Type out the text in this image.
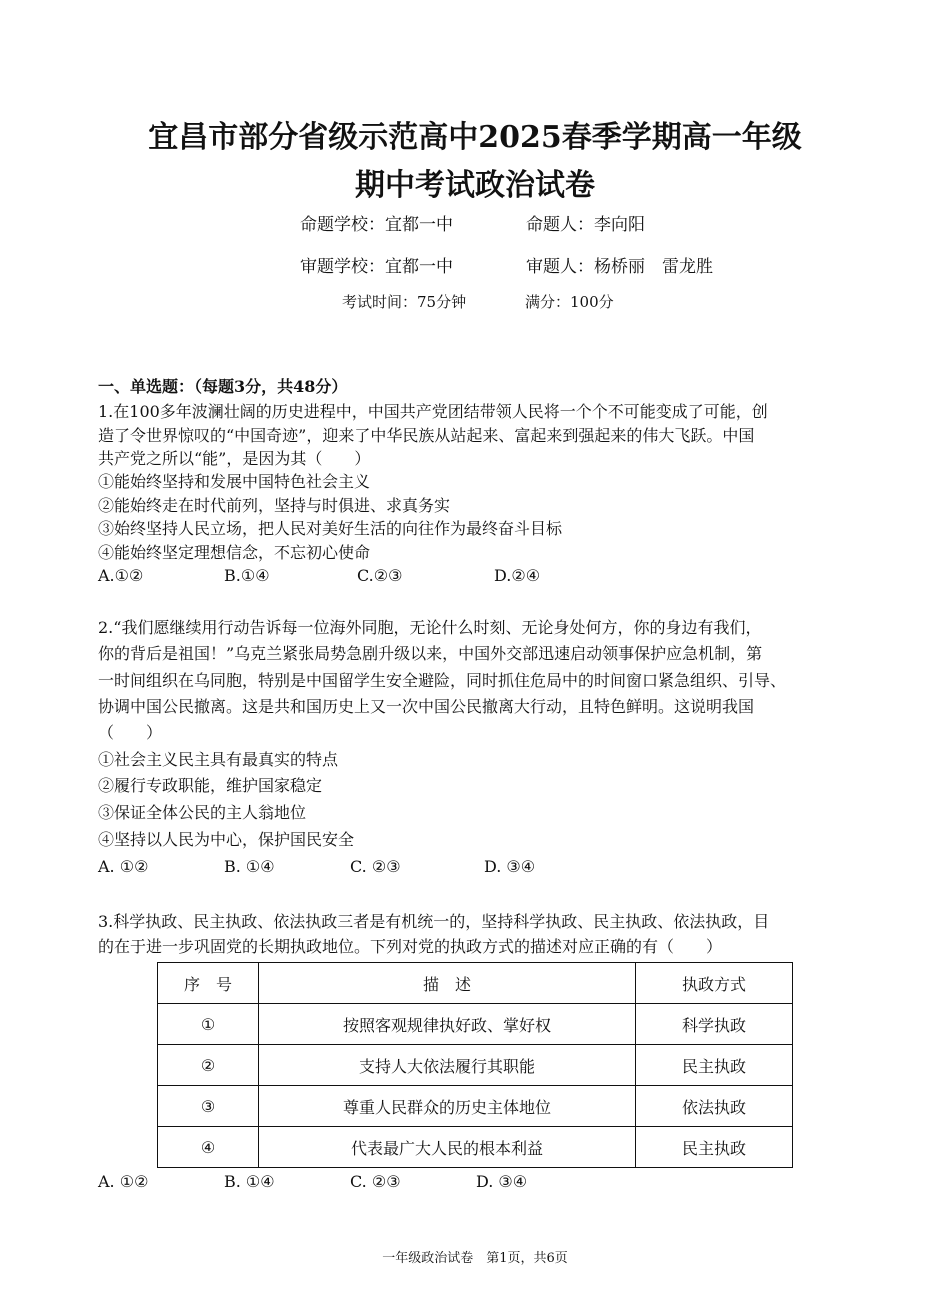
宜昌市部分省级示范高中2025春季学期高一年级
期中考试政治试卷
命题学校：宜都一中	命题人：李向阳
审题学校：宜都一中	审题人：杨桥丽　雷龙胜
考试时间：75分钟	满分：100分
一、单选题：（每题3分，共48分）
1.在100多年波澜壮阔的历史进程中，中国共产党团结带领人民将一个个不可能变成了可能，创
造了令世界惊叹的“中国奇迹”，迎来了中华民族从站起来、富起来到强起来的伟大飞跃。中国
共产党之所以“能”，是因为其（　　）
①能始终坚持和发展中国特色社会主义
②能始终走在时代前列，坚持与时俱进、求真务实
③始终坚持人民立场，把人民对美好生活的向往作为最终奋斗目标
④能始终坚定理想信念，不忘初心使命
A.①②	B.①④	C.②③	D.②④
2.“我们愿继续用行动告诉每一位海外同胞，无论什么时刻、无论身处何方，你的身边有我们，
你的背后是祖国！”乌克兰紧张局势急剧升级以来，中国外交部迅速启动领事保护应急机制，第
一时间组织在乌同胞，特别是中国留学生安全避险，同时抓住危局中的时间窗口紧急组织、引导、
协调中国公民撤离。这是共和国历史上又一次中国公民撤离大行动，且特色鲜明。这说明我国
（　　）
①社会主义民主具有最真实的特点
②履行专政职能，维护国家稳定
③保证全体公民的主人翁地位
④坚持以人民为中心，保护国民安全
A. ①②	B. ①④	C. ②③	D. ③④
3.科学执政、民主执政、依法执政三者是有机统一的，坚持科学执政、民主执政、依法执政，目
的在于进一步巩固党的长期执政地位。下列对党的执政方式的描述对应正确的有（　　）
序　号	描　述	执政方式
①	按照客观规律执好政、掌好权	科学执政
②	支持人大依法履行其职能	民主执政
③	尊重人民群众的历史主体地位	依法执政
④	代表最广大人民的根本利益	民主执政
A. ①②	B. ①④	C. ②③	D. ③④
一年级政治试卷　第1页，共6页
